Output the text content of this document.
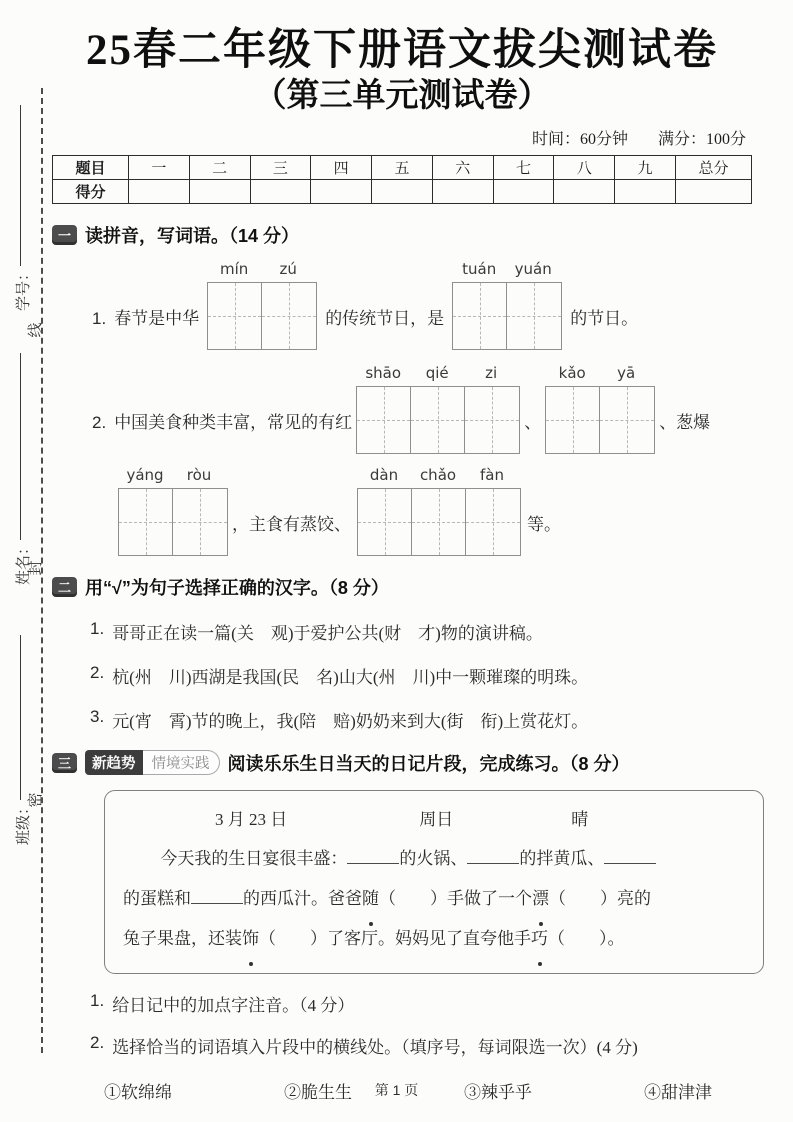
学号：
线
姓名：
封
班级：
密
25春二年级下册语文拔尖测试卷
（第三单元测试卷）
时间：60分钟 满分：100分
题目	一	二	三	四	五	六	七	八	九	总分
得分										
一 读拼音，写词语。（14 分）
1. 春节是中华
mín	zú
的传统节日，是
tuán	yuán
的节日。
2. 中国美食种类丰富，常见的有红
shāo	qié	zi
、
kǎo	yā
、葱爆
yáng	ròu
，主食有蒸饺、
dàn	chǎo	fàn
等。
二 用“√”为句子选择正确的汉字。（8 分）
1. 哥哥正在读一篇(关　观)于爱护公共(财　才)物的演讲稿。
2. 杭(州　川)西湖是我国(民　名)山大(州　川)中一颗璀璨的明珠。
3. 元(宵　霄)节的晚上，我(陪　赔)奶奶来到大(街　衔)上赏花灯。
三	新趋势	情境实践	阅读乐乐生日当天的日记片段，完成练习。（8 分）
3 月 23 日	周日	晴
今天我的生日宴很丰盛：	的火锅、	的拌黄瓜、
的蛋糕和	的西瓜汁。爸爸随（　　）手做了一个漂（　　）亮的
兔子果盘，还装饰（　　）了客厅。妈妈见了直夸他手巧（　　）。
1. 给日记中的加点字注音。（4 分）
2. 选择恰当的词语填入片段中的横线处。（填序号，每词限选一次）(4 分)
①软绵绵	②脆生生	③辣乎乎	④甜津津
第 1 页
